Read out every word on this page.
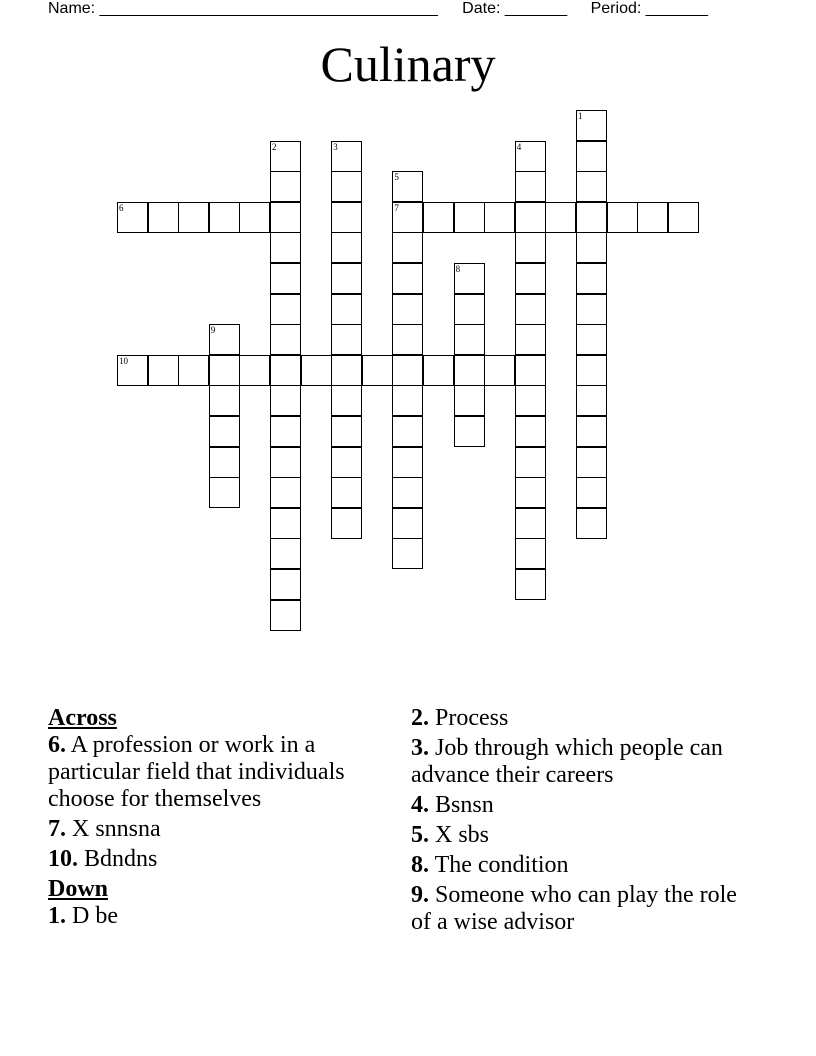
Name: ______________________________________ Date: _______ Period: _______
Culinary
1
2	3	4
5
6	7
8
9
10
Across
6. A profession or work in a particular field that individuals choose for themselves
7. X snnsna
10. Bdndns
Down
1. D be
2. Process
3. Job through which people can advance their careers
4. Bsnsn
5. X sbs
8. The condition
9. Someone who can play the role of a wise advisor
